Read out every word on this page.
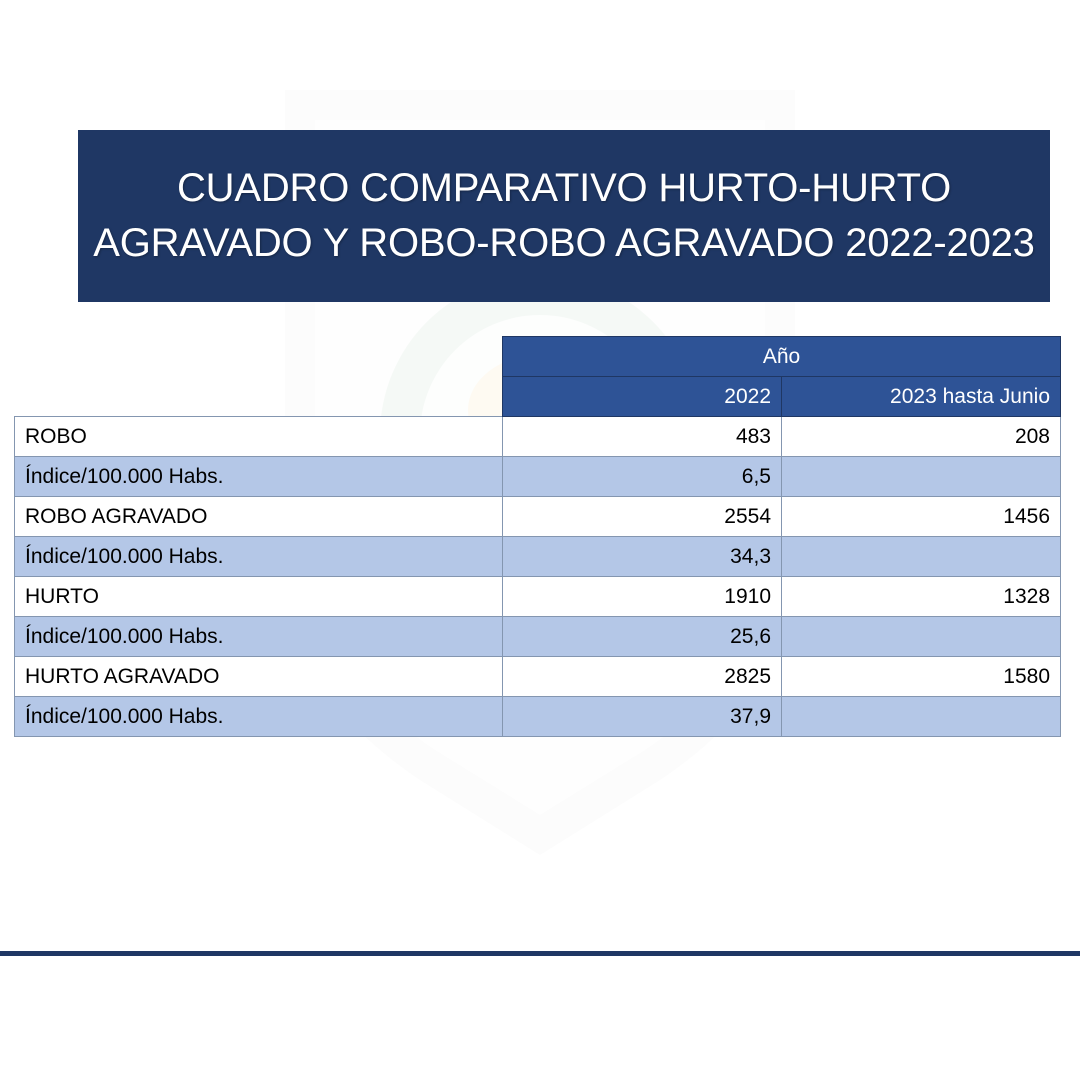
CUADRO COMPARATIVO HURTO-HURTO AGRAVADO Y ROBO-ROBO AGRAVADO 2022-2023
	Año	
	2022	2023 hasta Junio
ROBO	483	208
Índice/100.000 Habs.	6,5	
ROBO AGRAVADO	2554	1456
Índice/100.000 Habs.	34,3	
HURTO	1910	1328
Índice/100.000 Habs.	25,6	
HURTO AGRAVADO	2825	1580
Índice/100.000 Habs.	37,9	
